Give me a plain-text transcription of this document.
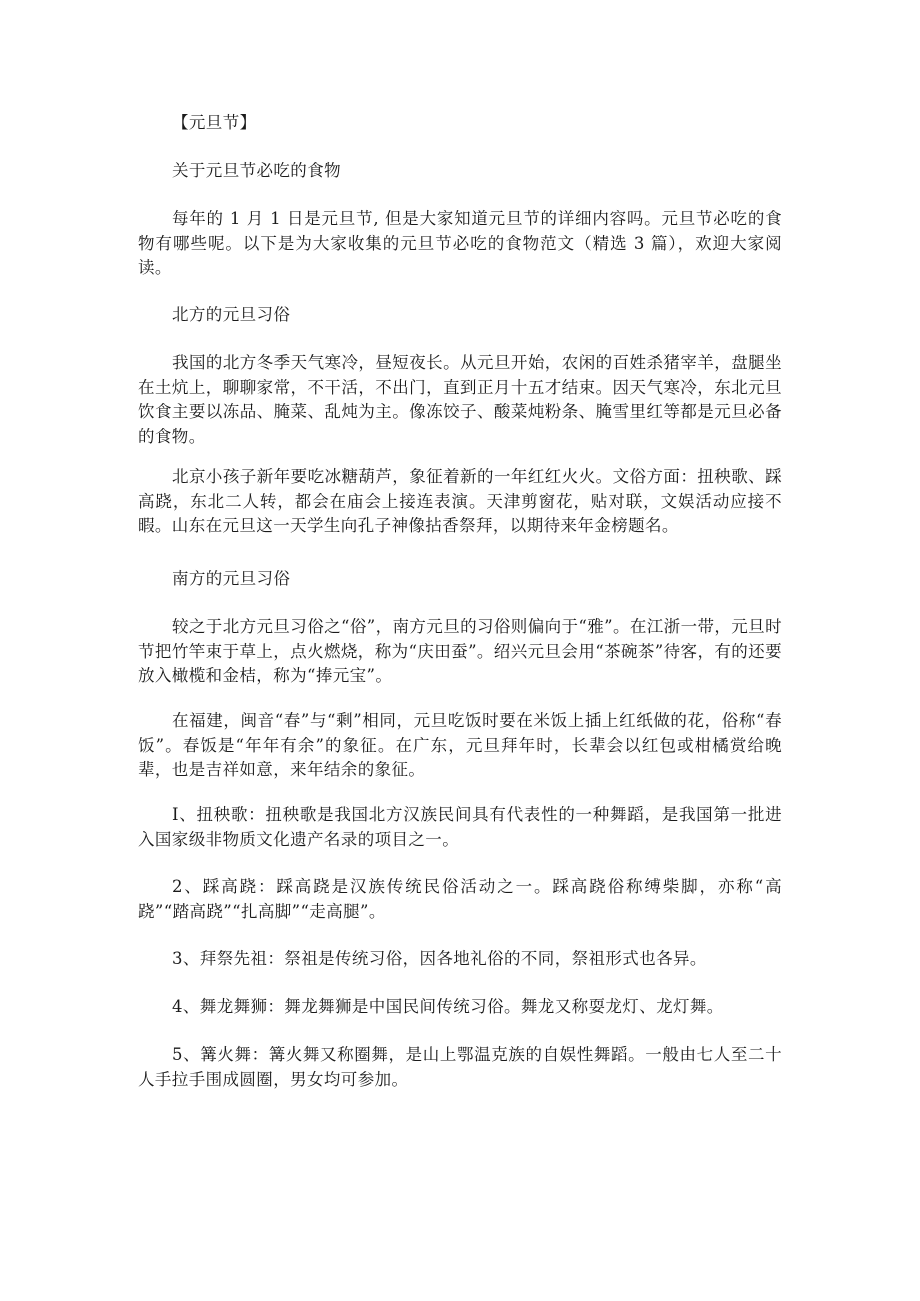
【元旦节】

关于元旦节必吃的食物

每年的 1 月 1 日是元旦节, 但是大家知道元旦节的详细内容吗。元旦节必吃的食物有哪些呢。以下是为大家收集的元旦节必吃的食物范文（精选 3 篇），欢迎大家阅读。

北方的元旦习俗

我国的北方冬季天气寒冷，昼短夜长。从元旦开始，农闲的百姓杀猪宰羊，盘腿坐在土炕上，聊聊家常，不干活，不出门，直到正月十五才结束。因天气寒冷，东北元旦饮食主要以冻品、腌菜、乱炖为主。像冻饺子、酸菜炖粉条、腌雪里红等都是元旦必备的食物。

北京小孩子新年要吃冰糖葫芦，象征着新的一年红红火火。文俗方面：扭秧歌、踩高跷，东北二人转，都会在庙会上接连表演。天津剪窗花，贴对联，文娱活动应接不暇。山东在元旦这一天学生向孔子神像拈香祭拜，以期待来年金榜题名。

南方的元旦习俗

较之于北方元旦习俗之“俗”，南方元旦的习俗则偏向于“雅”。在江浙一带，元旦时节把竹竿束于草上，点火燃烧，称为“庆田蚕”。绍兴元旦会用“茶碗茶”待客，有的还要放入橄榄和金桔，称为“捧元宝”。

在福建，闽音“春”与“剩”相同，元旦吃饭时要在米饭上插上红纸做的花，俗称“春饭”。春饭是“年年有余”的象征。在广东，元旦拜年时，长辈会以红包或柑橘赏给晚辈，也是吉祥如意，来年结余的象征。

I、扭秧歌：扭秧歌是我国北方汉族民间具有代表性的一种舞蹈，是我国第一批进入国家级非物质文化遗产名录的项目之一。

2、踩高跷：踩高跷是汉族传统民俗活动之一。踩高跷俗称缚柴脚，亦称“高跷”“踏高跷”“扎高脚”“走高腿”。

3、拜祭先祖：祭祖是传统习俗，因各地礼俗的不同，祭祖形式也各异。

4、舞龙舞狮：舞龙舞狮是中国民间传统习俗。舞龙又称耍龙灯、龙灯舞。

5、篝火舞：篝火舞又称圈舞，是山上鄂温克族的自娱性舞蹈。一般由七人至二十人手拉手围成圆圈，男女均可参加。
